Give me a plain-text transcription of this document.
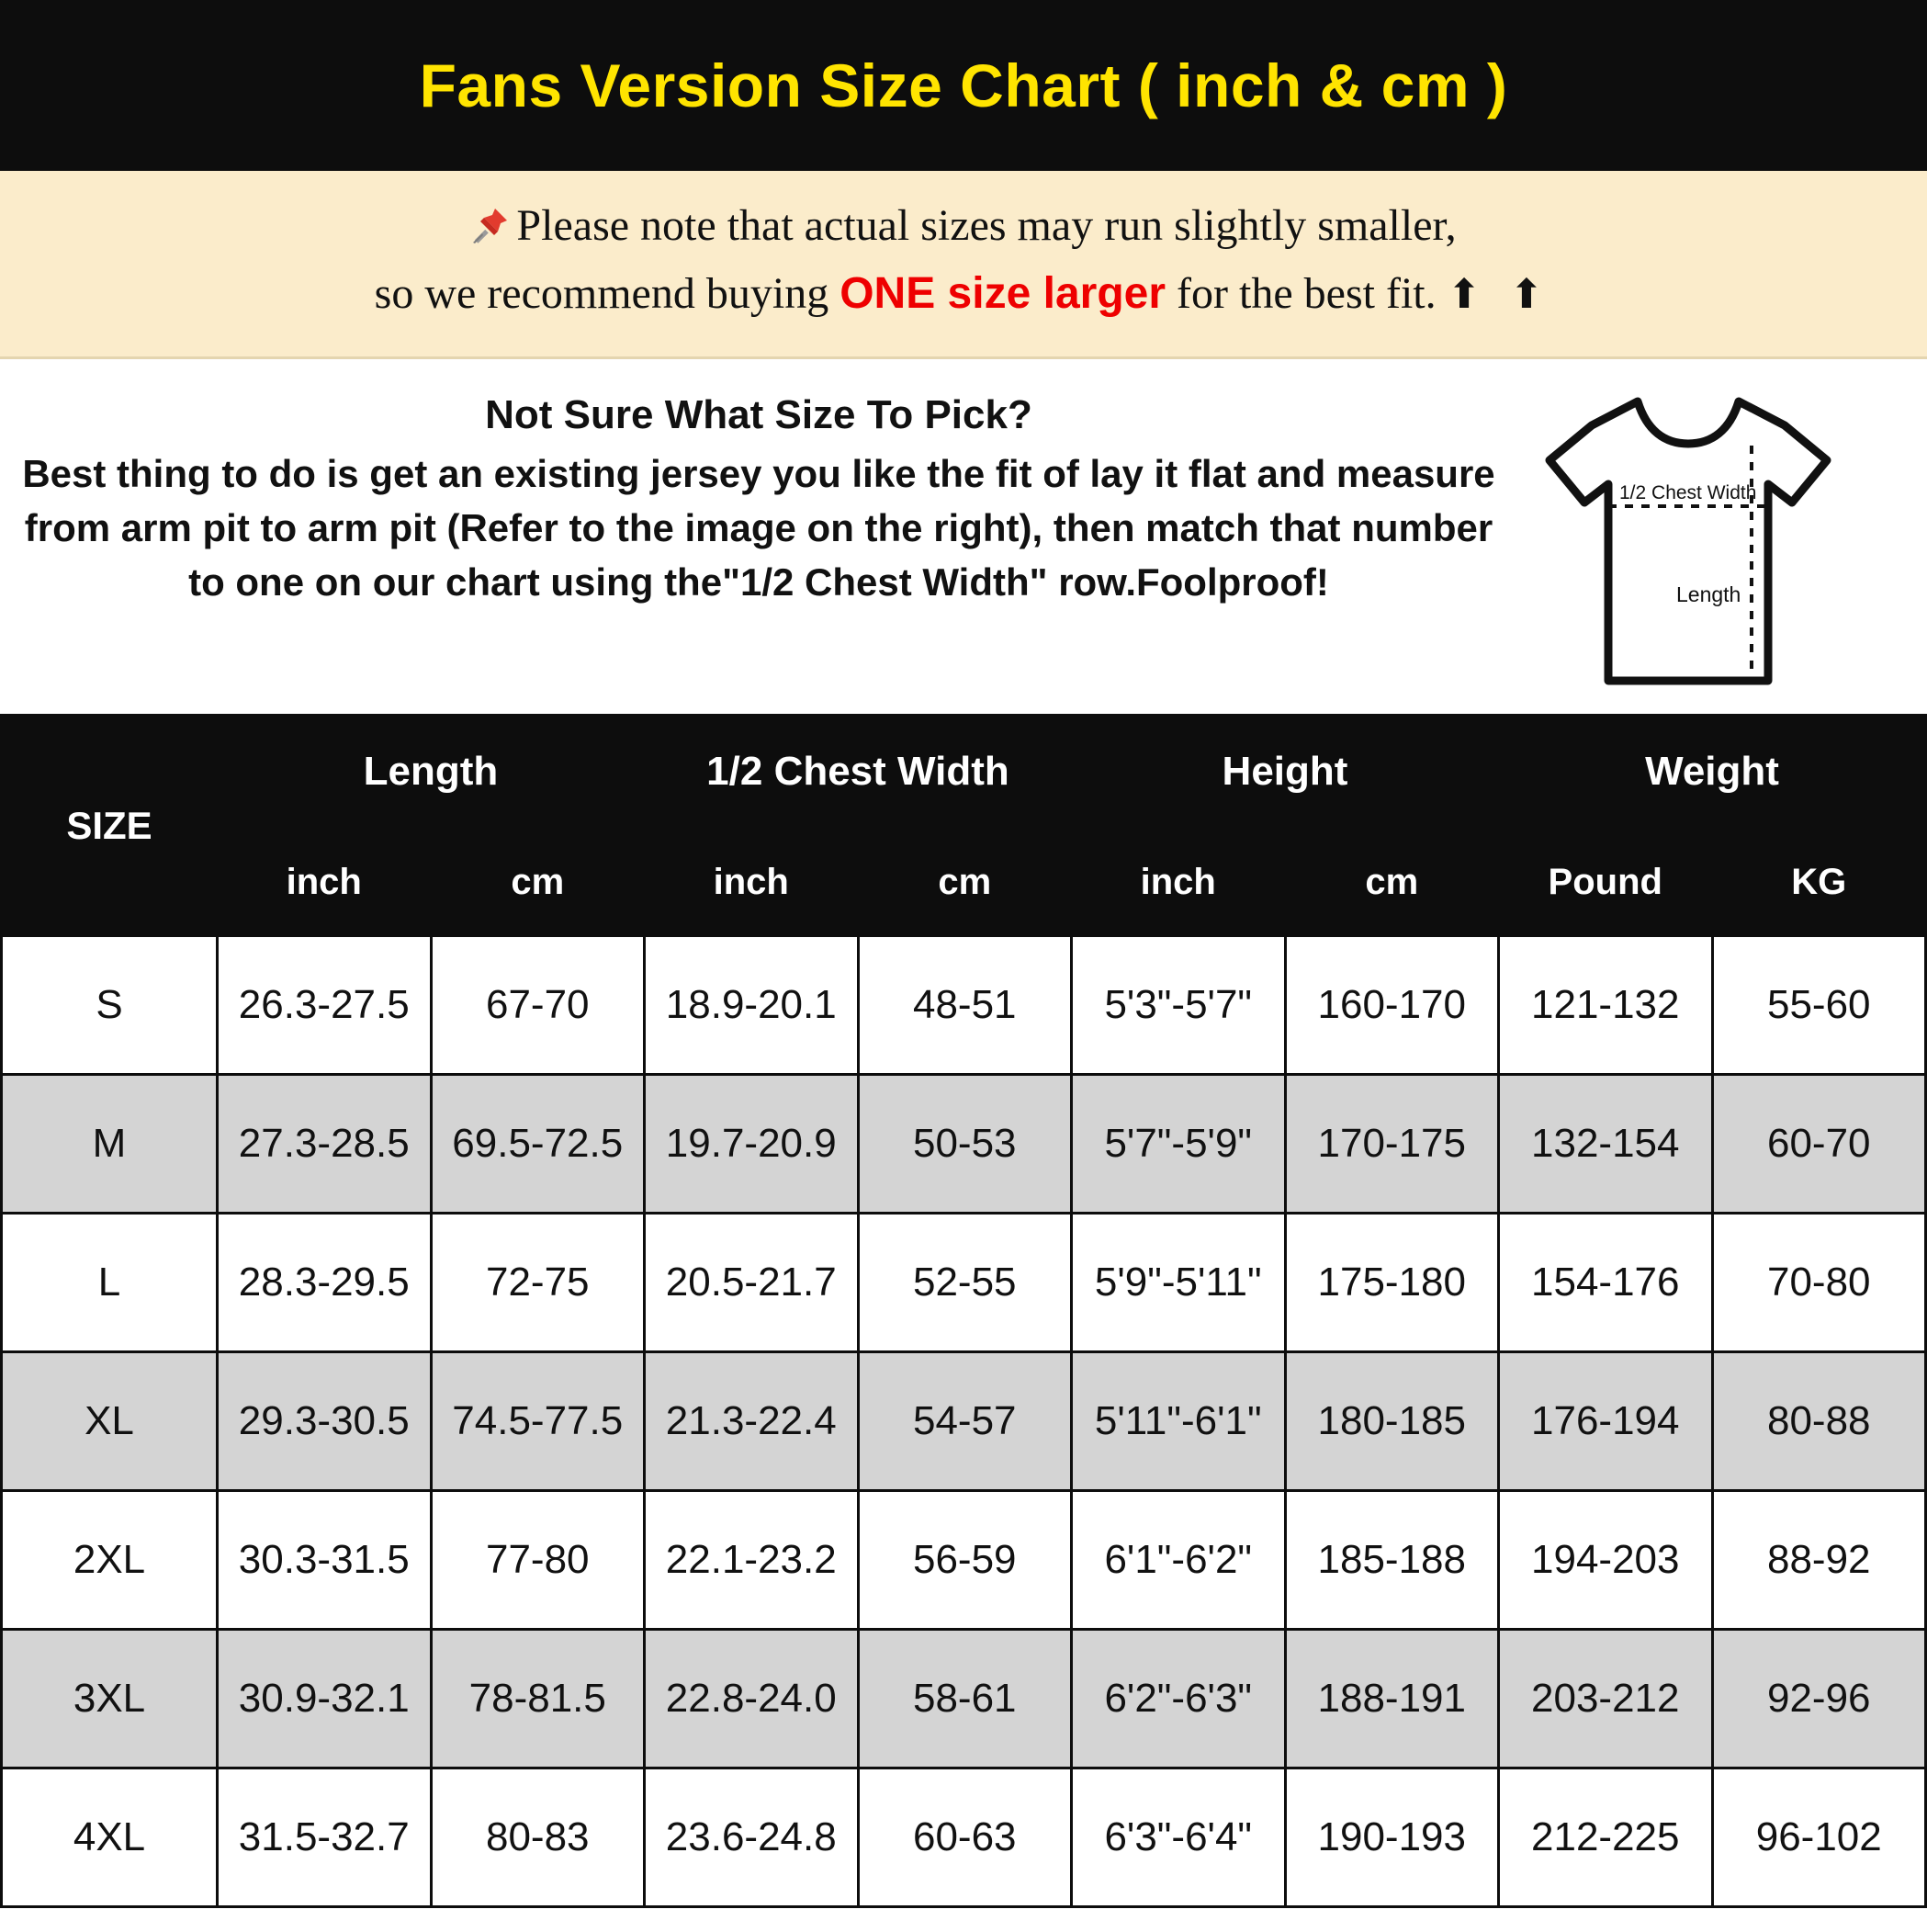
Fans Version Size Chart ( inch & cm )
Please note that actual sizes may run slightly smaller,
so we recommend buying ONE size larger for the best fit. ⬆ ⬆
Not Sure What Size To Pick?
Best thing to do is get an existing jersey you like the fit of lay it flat and measure from arm pit to arm pit (Refer to the image on the right), then match that number to one on our chart using the"1/2 Chest Width" row.Foolproof!
1/2 Chest Width
Length
SIZE	Length		1/2 Chest Width		Height		Weight	
	inch	cm	inch	cm	inch	cm	Pound	KG
S	26.3-27.5	67-70	18.9-20.1	48-51	5'3"-5'7"	160-170	121-132	55-60
M	27.3-28.5	69.5-72.5	19.7-20.9	50-53	5'7"-5'9"	170-175	132-154	60-70
L	28.3-29.5	72-75	20.5-21.7	52-55	5'9"-5'11"	175-180	154-176	70-80
XL	29.3-30.5	74.5-77.5	21.3-22.4	54-57	5'11"-6'1"	180-185	176-194	80-88
2XL	30.3-31.5	77-80	22.1-23.2	56-59	6'1"-6'2"	185-188	194-203	88-92
3XL	30.9-32.1	78-81.5	22.8-24.0	58-61	6'2"-6'3"	188-191	203-212	92-96
4XL	31.5-32.7	80-83	23.6-24.8	60-63	6'3"-6'4"	190-193	212-225	96-102
